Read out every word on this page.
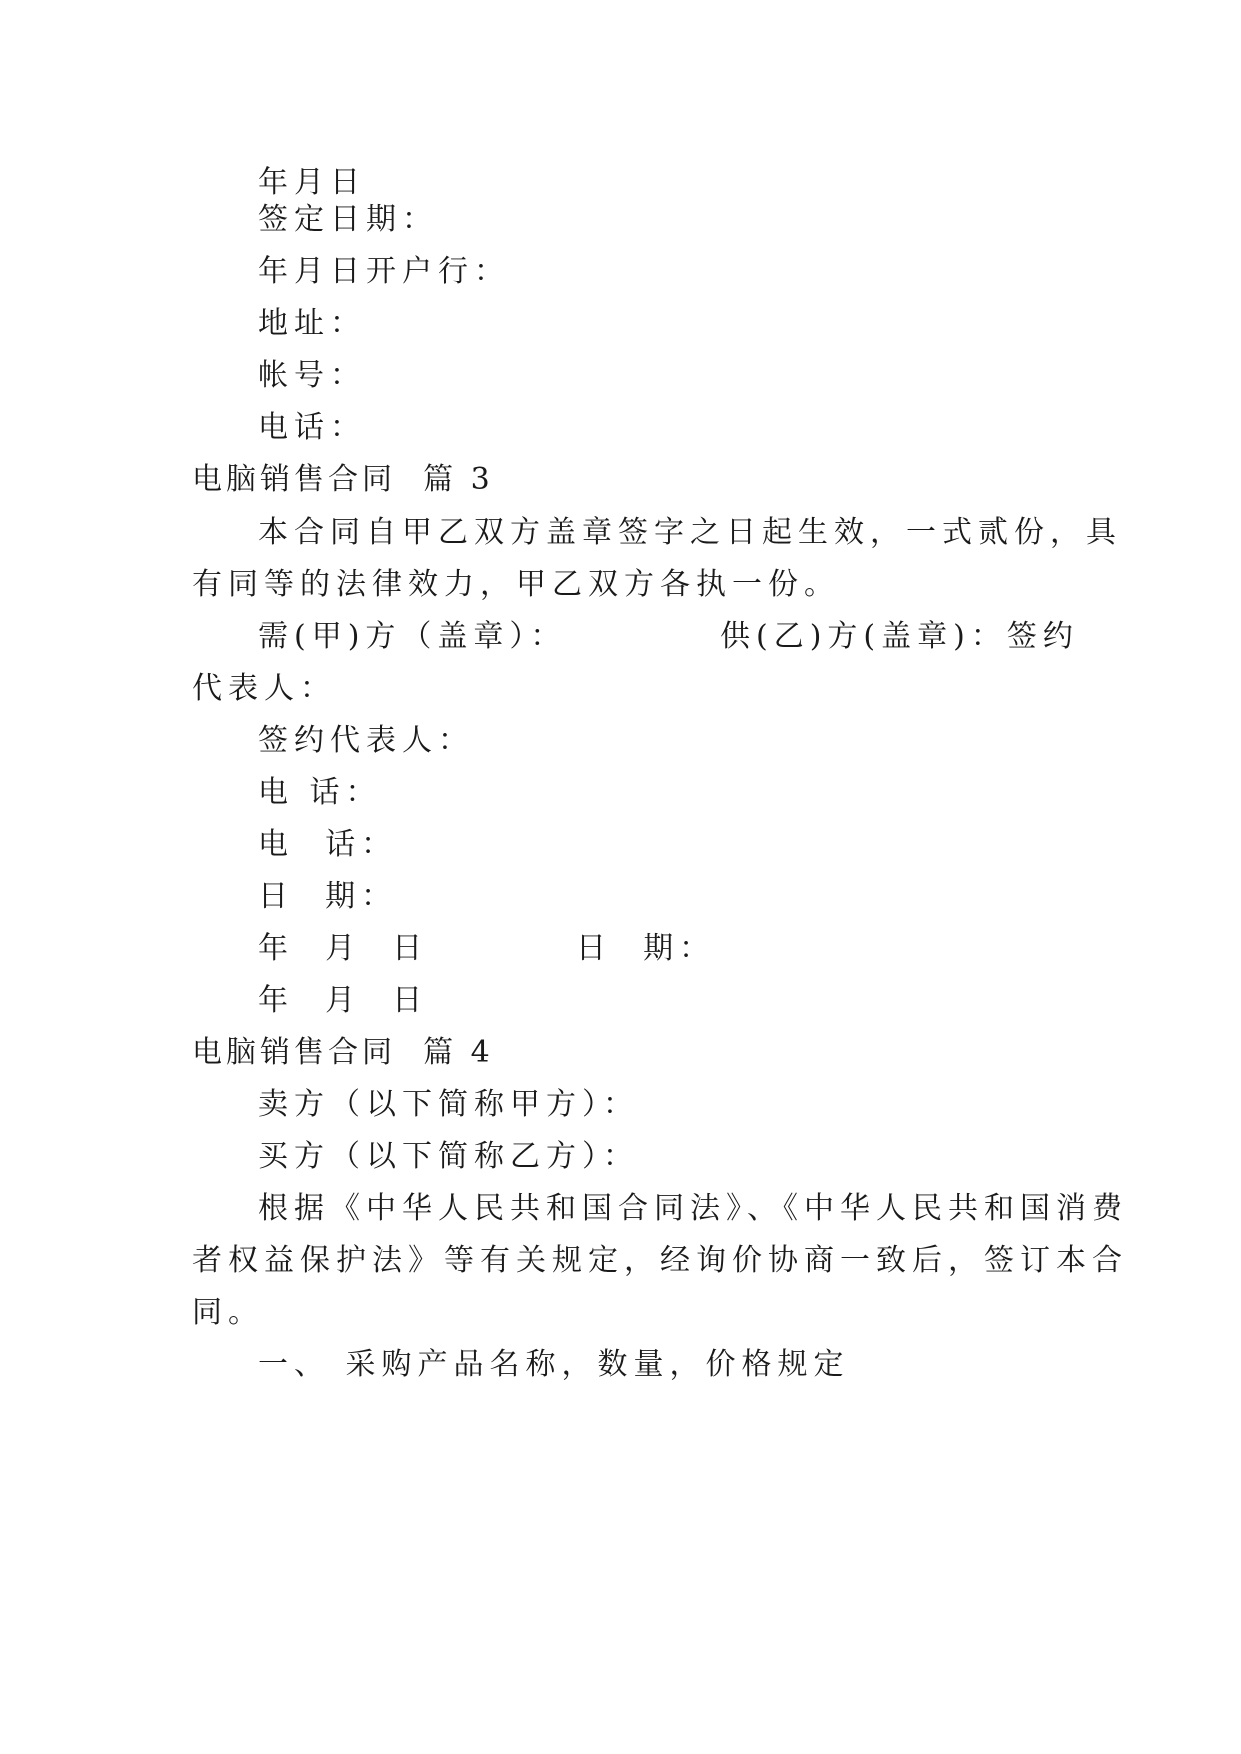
年月日
签定日期：
年月日开户行：
地址：
帐号：
电话：
电脑销售合同  篇 3
本合同自甲乙双方盖章签字之日起生效，一式贰份，具
有同等的法律效力，甲乙双方各执一份。

需(甲)方（盖章）：

	供(乙)方(盖章)：签约

代表人：
签约代表人：
电 话：
电  话：
日  期：

年  月  日

	日  期：

年  月  日
电脑销售合同  篇 4
卖方（以下简称甲方）：
买方（以下简称乙方）：
根据《中华人民共和国合同法》、《中华人民共和国消费
者权益保护法》等有关规定，经询价协商一致后，签订本合
同。
一、 采购产品名称，数量，价格规定
